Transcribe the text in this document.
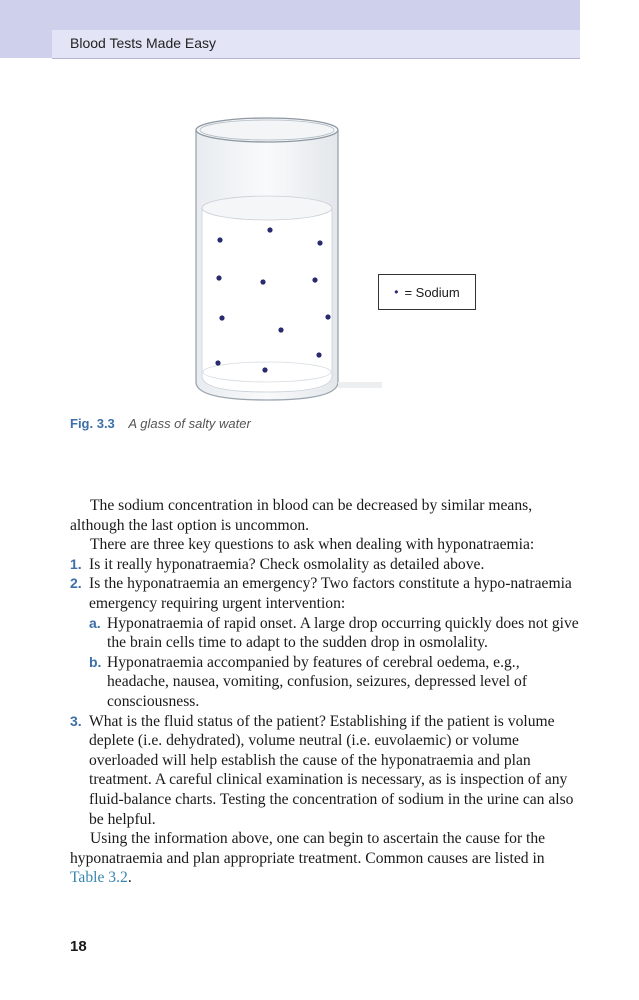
Blood Tests Made Easy
• = Sodium
Fig. 3.3 A glass of salty water

The sodium concentration in blood can be decreased by similar means, although the last option is uncommon.

There are three key questions to ask when dealing with hyponatraemia:

1. Is it really hyponatraemia? Check osmolality as detailed above.
2. Is the hyponatraemia an emergency? Two factors constitute a hypo-natraemia emergency requiring urgent intervention:
a. Hyponatraemia of rapid onset. A large drop occurring quickly does not give the brain cells time to adapt to the sudden drop in osmolality.
b. Hyponatraemia accompanied by features of cerebral oedema, e.g., headache, nausea, vomiting, confusion, seizures, depressed level of consciousness.
3. What is the fluid status of the patient? Establishing if the patient is volume deplete (i.e. dehydrated), volume neutral (i.e. euvolaemic) or volume overloaded will help establish the cause of the hyponatraemia and plan treatment. A careful clinical examination is necessary, as is inspection of any fluid-balance charts. Testing the concentration of sodium in the urine can also be helpful.

Using the information above, one can begin to ascertain the cause for the hyponatraemia and plan appropriate treatment. Common causes are listed in Table 3.2.

18
